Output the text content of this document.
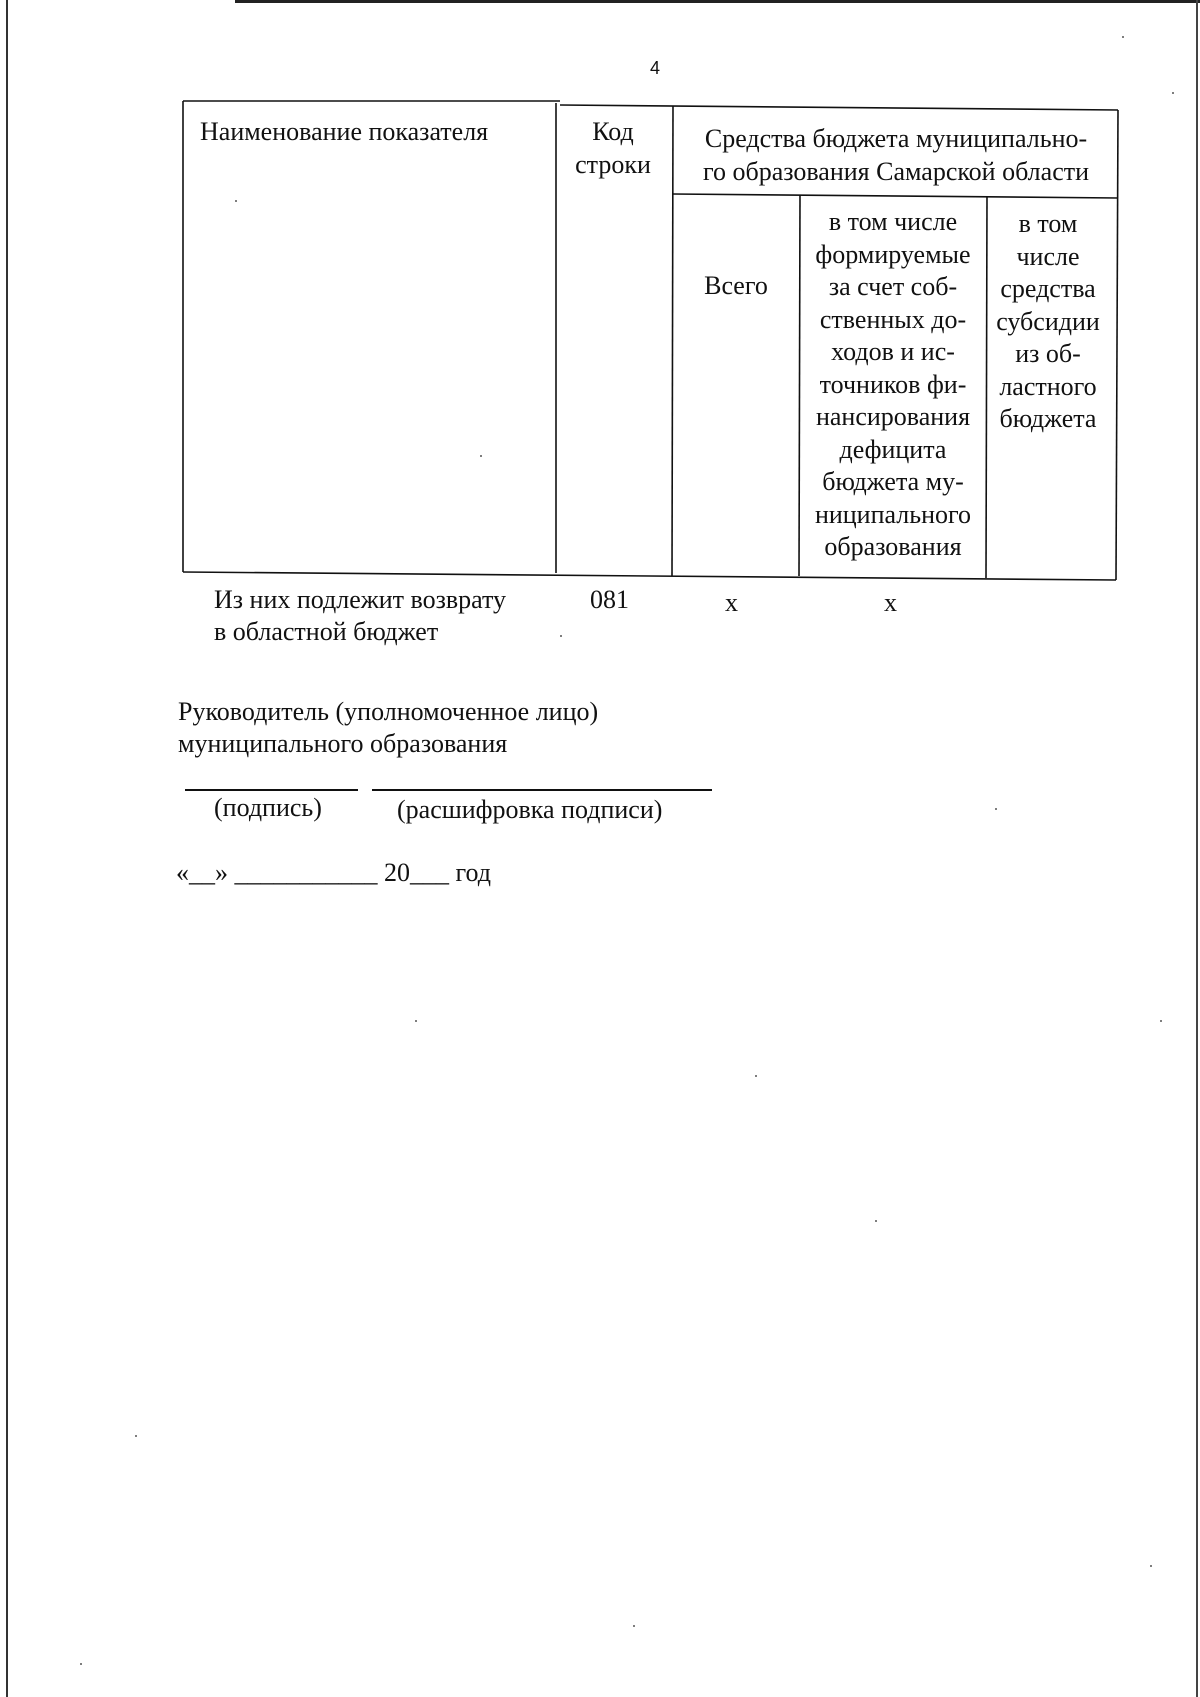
4
Наименование показателя	Код
строки
Средства бюджета муниципально-
го образования Самарской области
Всего
в том числе
формируемые
за счет соб-
ственных до-
ходов и ис-
точников фи-
нансирования
дефицита
бюджета му-
ниципального
образования
в том
числе
средства
субсидии
из об-
ластного
бюджета
Из них подлежит возврату
в областной бюджет
081	x	x
Руководитель (уполномоченное лицо)
муниципального образования
(подпись)	(расшифровка подписи)
«__» ___________ 20___ год
